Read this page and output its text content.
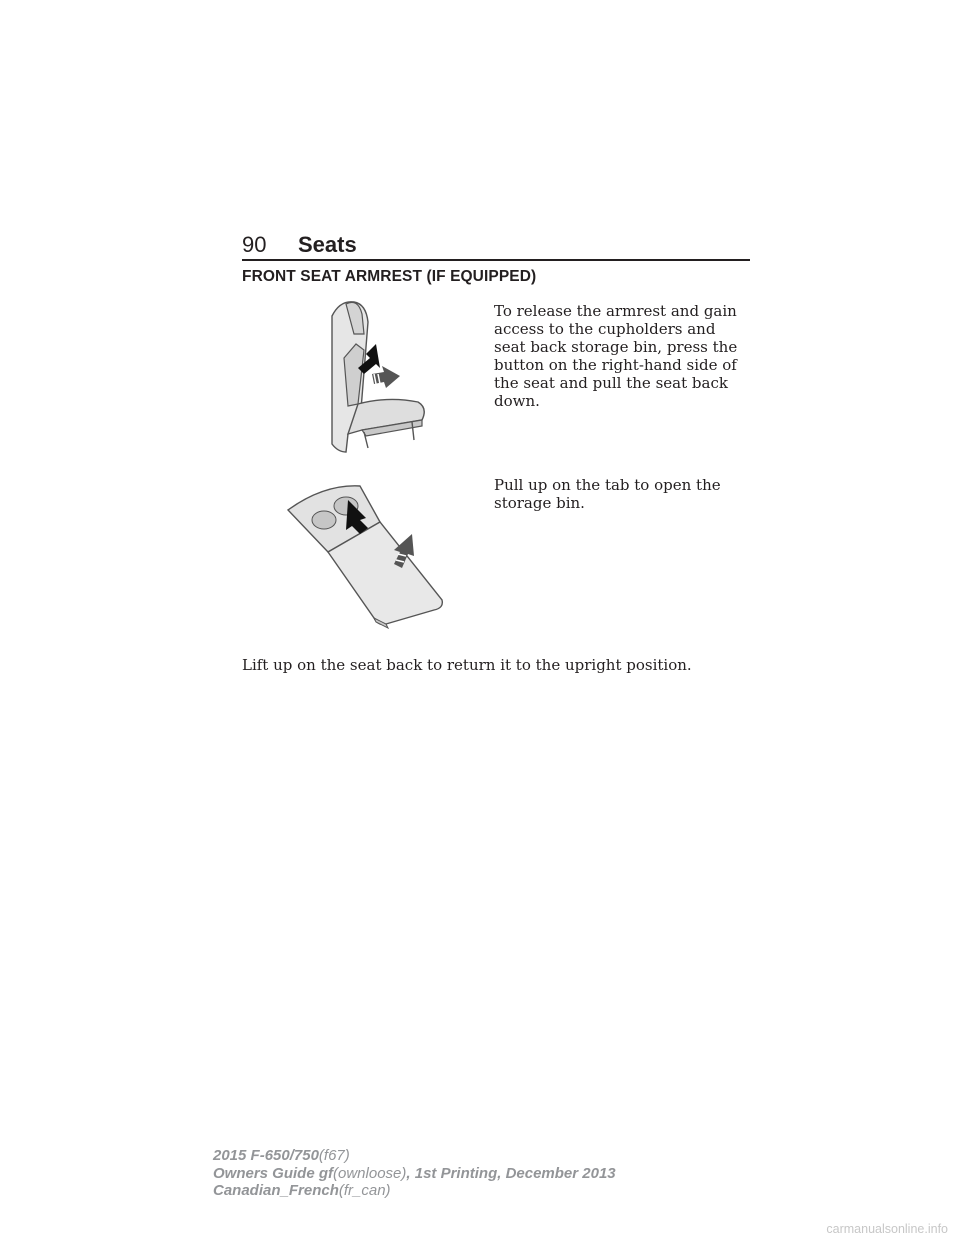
90 Seats
FRONT SEAT ARMREST (IF EQUIPPED)
To release the armrest and gain access to the cupholders and seat back storage bin, press the button on the right-hand side of the seat and pull the seat back down.
Pull up on the tab to open the storage bin.
Lift up on the seat back to return it to the upright position.
2015 F-650/750(f67)
Owners Guide gf(ownloose), 1st Printing, December 2013
Canadian_French(fr_can)
carmanualsonline.info
